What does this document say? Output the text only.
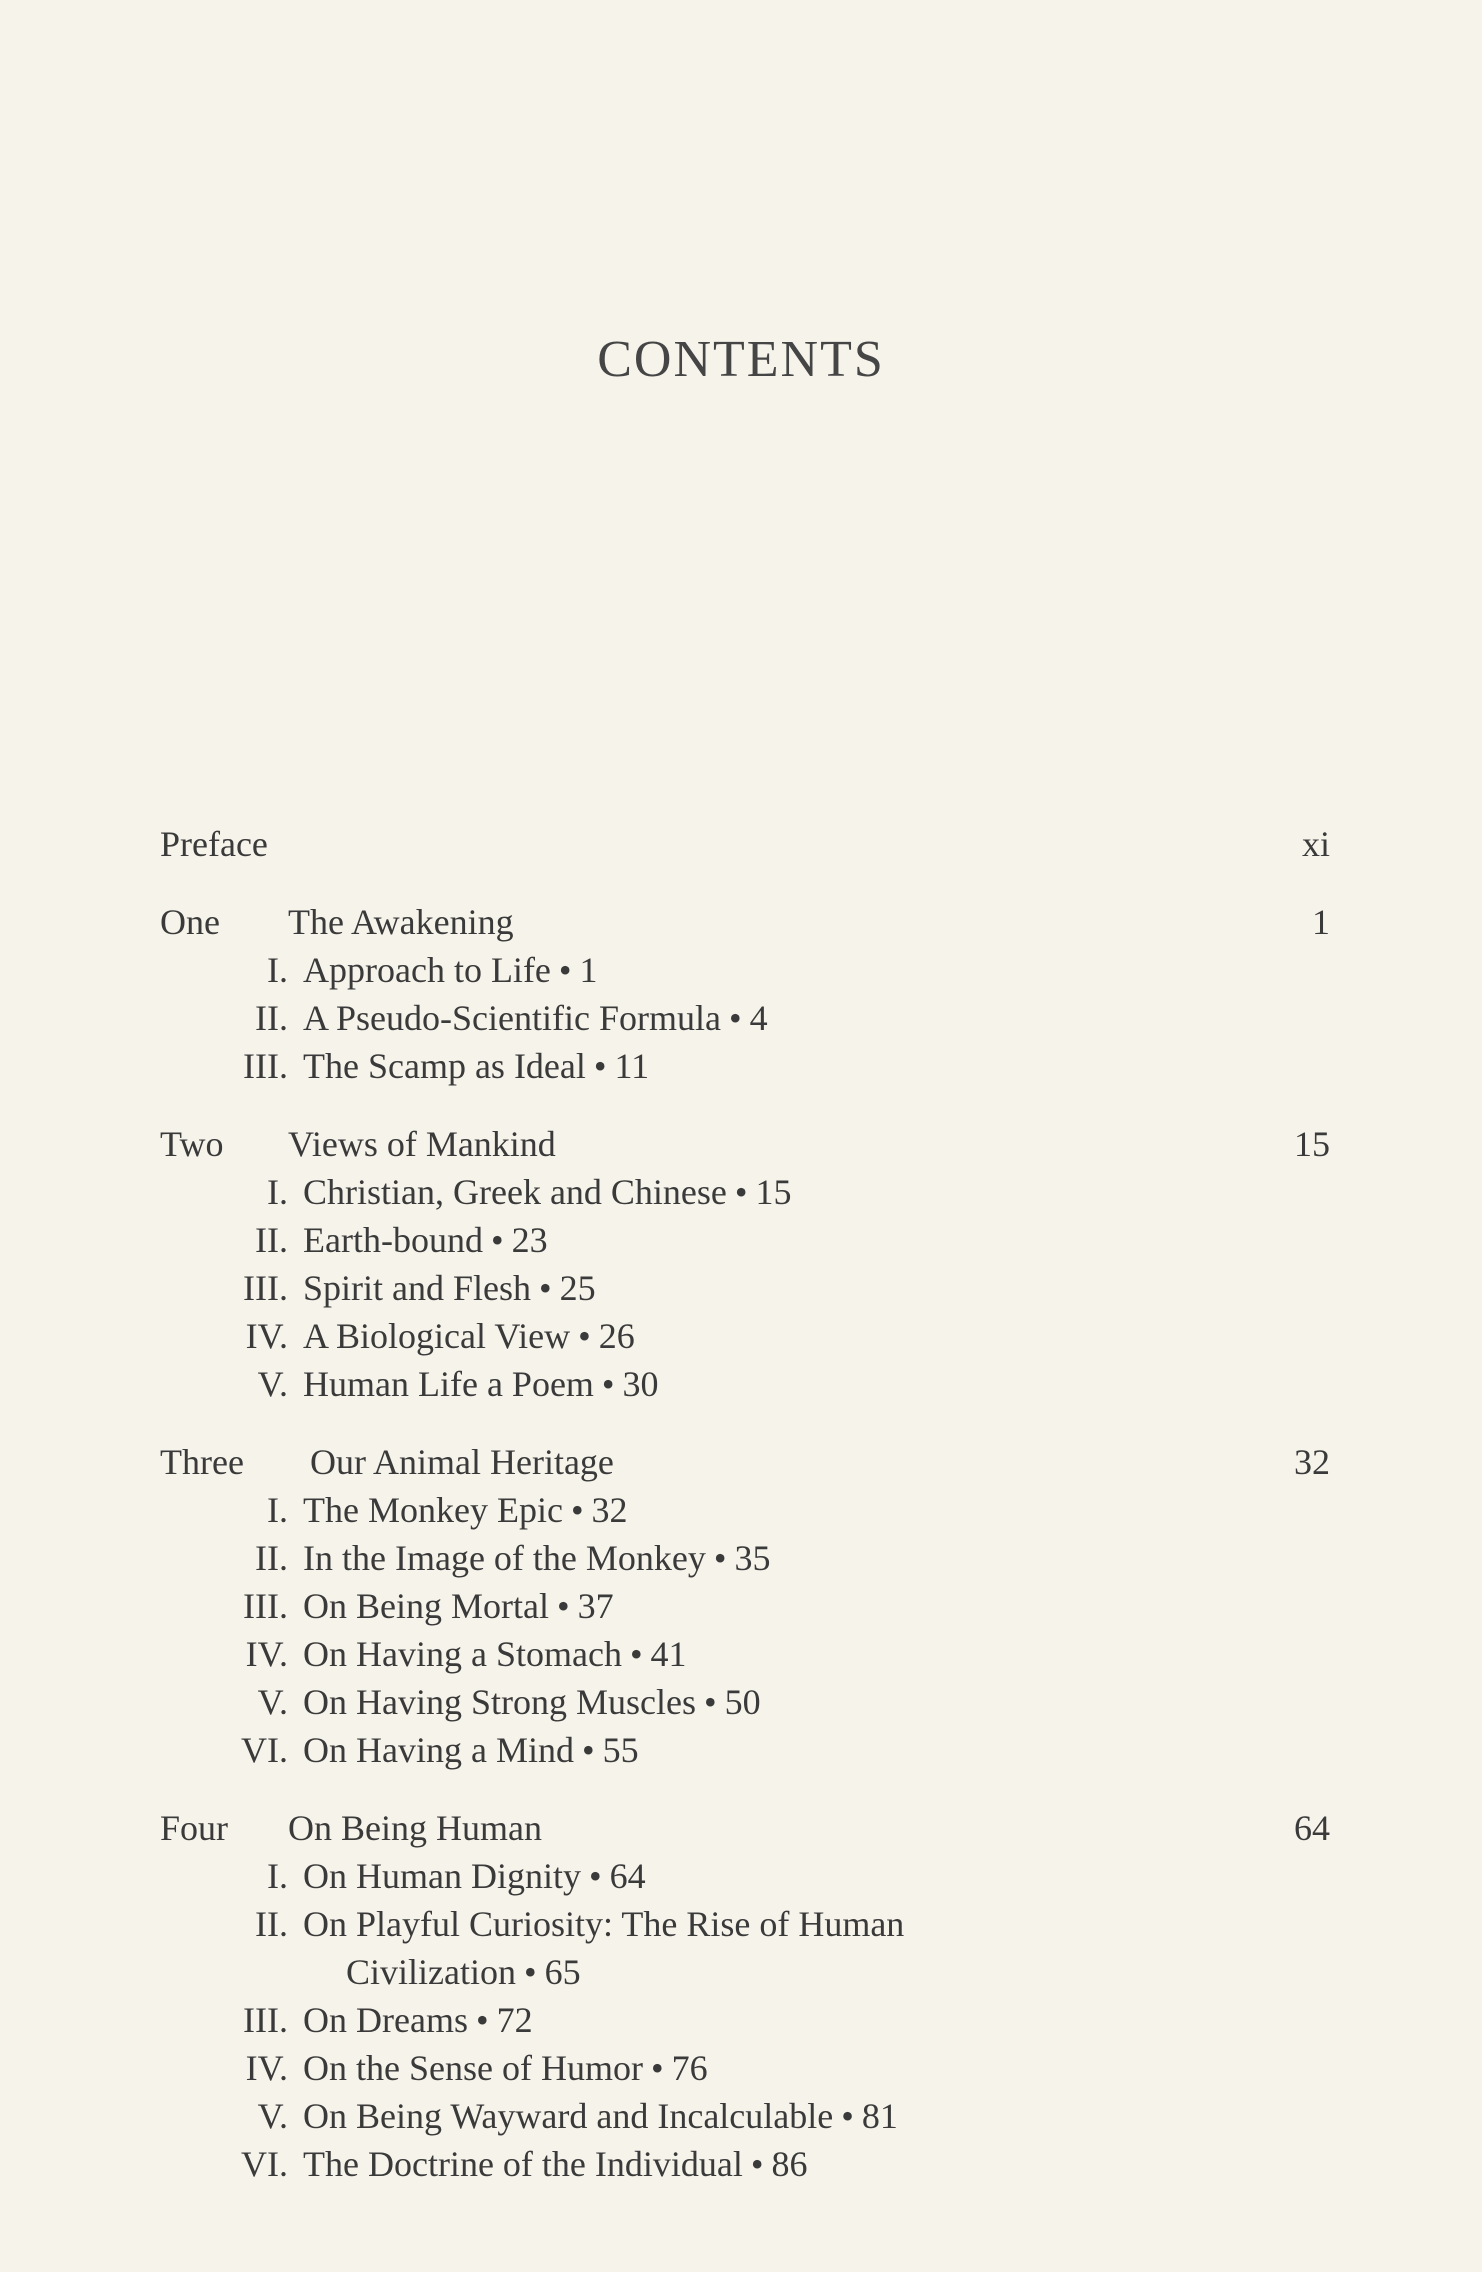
CONTENTS
Preface	xi
One The Awakening	1
I. Approach to Life • 1
II. A Pseudo-Scientific Formula • 4
III. The Scamp as Ideal • 11
Two Views of Mankind	15
I. Christian, Greek and Chinese • 15
II. Earth-bound • 23
III. Spirit and Flesh • 25
IV. A Biological View • 26
V. Human Life a Poem • 30
Three Our Animal Heritage	32
I. The Monkey Epic • 32
II. In the Image of the Monkey • 35
III. On Being Mortal • 37
IV. On Having a Stomach • 41
V. On Having Strong Muscles • 50
VI. On Having a Mind • 55
Four On Being Human	64
I. On Human Dignity • 64
II. On Playful Curiosity: The Rise of Human
Civilization • 65
III. On Dreams • 72
IV. On the Sense of Humor • 76
V. On Being Wayward and Incalculable • 81
VI. The Doctrine of the Individual • 86
